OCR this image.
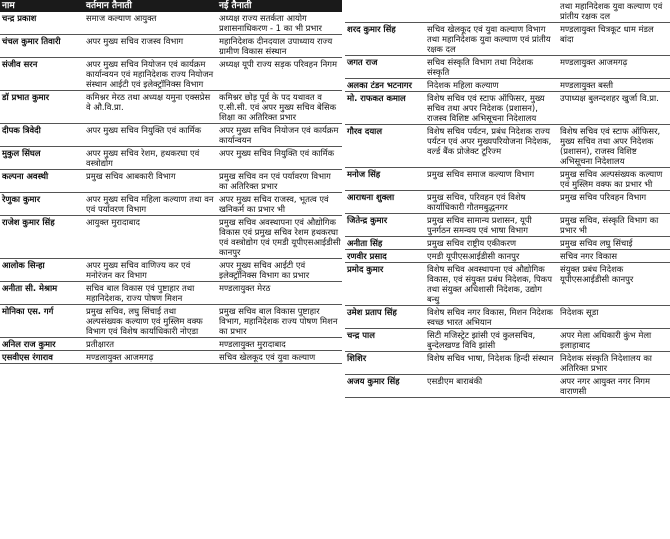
नाम	वर्तमान तैनाती	नई तैनाती
चन्द्र प्रकाश	समाज कल्याण आयुक्त	अध्यक्ष राज्य सतर्कता आयोग प्रशासनाधिकरण - 1 का भी प्रभार
चंचल कुमार तिवारी	अपर मुख्य सचिव राजस्व विभाग	महानिदेशक दीनदयाल उपाध्याय राज्य ग्रामीण विकास संस्थान
संजीव सरन	अपर मुख्य सचिव नियोजन एवं कार्यक्रम कार्यान्वयन एवं महानिदेशक राज्य नियोजन संस्थान आईटी एवं इलेक्ट्रॉनिक्स विभाग	अध्यक्ष यूपी राज्य सड़क परिवहन निगम
डॉ प्रभात कुमार	कमिश्नर मेरठ तथा अध्यक्ष यमुना एक्सप्रेस वे औ.वि.प्रा.	कमिश्नर छोड़ पूर्व के पद यथावत व ए.सी.सी. एवं अपर मुख्य सचिव बेसिक शिक्षा का अतिरिक्त प्रभार
दीपक त्रिवेदी	अपर मुख्य सचिव नियुक्ति एवं कार्मिक	अपर मुख्य सचिव नियोजन एवं कार्यक्रम कार्यान्वयन
मुकुल सिंघल	अपर मुख्य सचिव रेशम, हथकरघा एवं वस्त्रोद्योग	अपर मुख्य सचिव नियुक्ति एवं कार्मिक
कल्पना अवस्थी	प्रमुख सचिव आबकारी विभाग	प्रमुख सचिव वन एवं पर्यावरण विभाग का अतिरिक्त प्रभार
रेणुका कुमार	अपर मुख्य सचिव महिला कल्याण तथा वन एवं पर्यावरण विभाग	अपर मुख्य सचिव राजस्व, भूतत्व एवं खनिकर्म का प्रभार भी
राजेश कुमार सिंह	आयुक्त मुरादाबाद	प्रमुख सचिव अवस्थापना एवं औद्योगिक विकास एवं प्रमुख सचिव रेशम हथकरघा एवं वस्त्रोद्योग एवं एमडी यूपीएसआईडीसी कानपुर
आलोक सिन्हा	अपर मुख्य सचिव वाणिज्य कर एवं मनोरंजन कर विभाग	अपर मुख्य सचिव आईटी एवं इलेक्ट्रॉनिक्स विभाग का प्रभार
अनीता सी. मेश्राम	सचिव बाल विकास एवं पुष्टाहार तथा महानिदेशक, राज्य पोषण मिशन	मण्डलायुक्त मेरठ
मोनिका एस. गर्ग	प्रमुख सचिव, लघु सिंचाई तथा अल्पसंख्यक कल्याण एवं मुस्लिम वक्फ विभाग एवं विशेष कार्याधिकारी नोएडा	प्रमुख सचिव बाल विकास पुष्टाहार विभाग, महानिदेशक राज्य पोषण मिशन का प्रभार
अनिल राज कुमार	प्रतीक्षारत	मण्डलायुक्त मुरादाबाद
एसवीएस रंगाराव	मण्डलायुक्त आजमगढ़	सचिव खेलकूद एवं युवा कल्याण
		तथा महानिदेशक युवा कल्याण एवं प्रांतीय रक्षक दल
शरद कुमार सिंह	सचिव खेलकूद एवं युवा कल्याण विभाग तथा महानिदेशक युवा कल्याण एवं प्रांतीय रक्षक दल	मण्डलायुक्त चित्रकूट धाम मंडल बांदा
जगत राज	सचिव संस्कृति विभाग तथा निदेशक संस्कृति	मण्डलायुक्त आजमगढ़
अलका टंडन भटनागर	निदेशक महिला कल्याण	मण्डलायुक्त बस्ती
मो. राफकत कमाल	विशेष सचिव एवं स्टाफ ऑफिसर, मुख्य सचिव तथा अपर निदेशक (प्रशासन), राजस्व विशिष्ट अभिसूचना निदेशालय	उपाध्यक्ष बुलन्दशहर खुर्जा वि.प्रा.
गौरव दयाल	विशेष सचिव पर्यटन, प्रबंध निदेशक राज्य पर्यटन एवं अपर मुख्यपरियोजना निदेशक, वर्ल्ड बैंक प्रोजेक्ट टूरिज्म	विशेष सचिव एवं स्टाफ ऑफिसर, मुख्य सचिव तथा अपर निदेशक (प्रशासन), राजस्व विशिष्ट अभिसूचना निदेशालय
मनोज सिंह	प्रमुख सचिव समाज कल्याण विभाग	प्रमुख सचिव अल्पसंख्यक कल्याण एवं मुस्लिम वक्फ का प्रभार भी
आराधना शुक्ला	प्रमुख सचिव, परिवहन एवं विशेष कार्याधिकारी गौतमबुद्धनगर	प्रमुख सचिव परिवहन विभाग
जितेन्द्र कुमार	प्रमुख सचिव सामान्य प्रशासन, यूपी पुनर्गठन समन्वय एवं भाषा विभाग	प्रमुख सचिव, संस्कृति विभाग का प्रभार भी
अनीता सिंह	प्रमुख सचिव राष्ट्रीय एकीकरण	प्रमुख सचिव लघु सिंचाई
रणवीर प्रसाद	एमडी यूपीएसआईडीसी कानपुर	सचिव नगर विकास
प्रमोद कुमार	विशेष सचिव अवस्थापना एवं औद्योगिक विकास, एवं संयुक्त प्रबंध निदेशक, पिकप तथा संयुक्त अधिशासी निदेशक, उद्योग बन्धु	संयुक्त प्रबंध निदेशक यूपीएसआईडीसी कानपुर
उमेश प्रताप सिंह	विशेष सचिव नगर विकास, मिशन निदेशक स्वच्छ भारत अभियान	निदेशक सूडा
चन्द्र पाल	सिटी मजिस्ट्रेट झांसी एवं कुलसचिव, बुन्देलखण्ड विवि झांसी	अपर मेला अधिकारी कुंभ मेला इलाहाबाद
शिशिर	विशेष सचिव भाषा, निदेशक हिन्दी संस्थान	निदेशक संस्कृति निदेशालय का अतिरिक्त प्रभार
अजय कुमार सिंह	एसडीएम बाराबंकी	अपर नगर आयुक्त नगर निगम वाराणसी
